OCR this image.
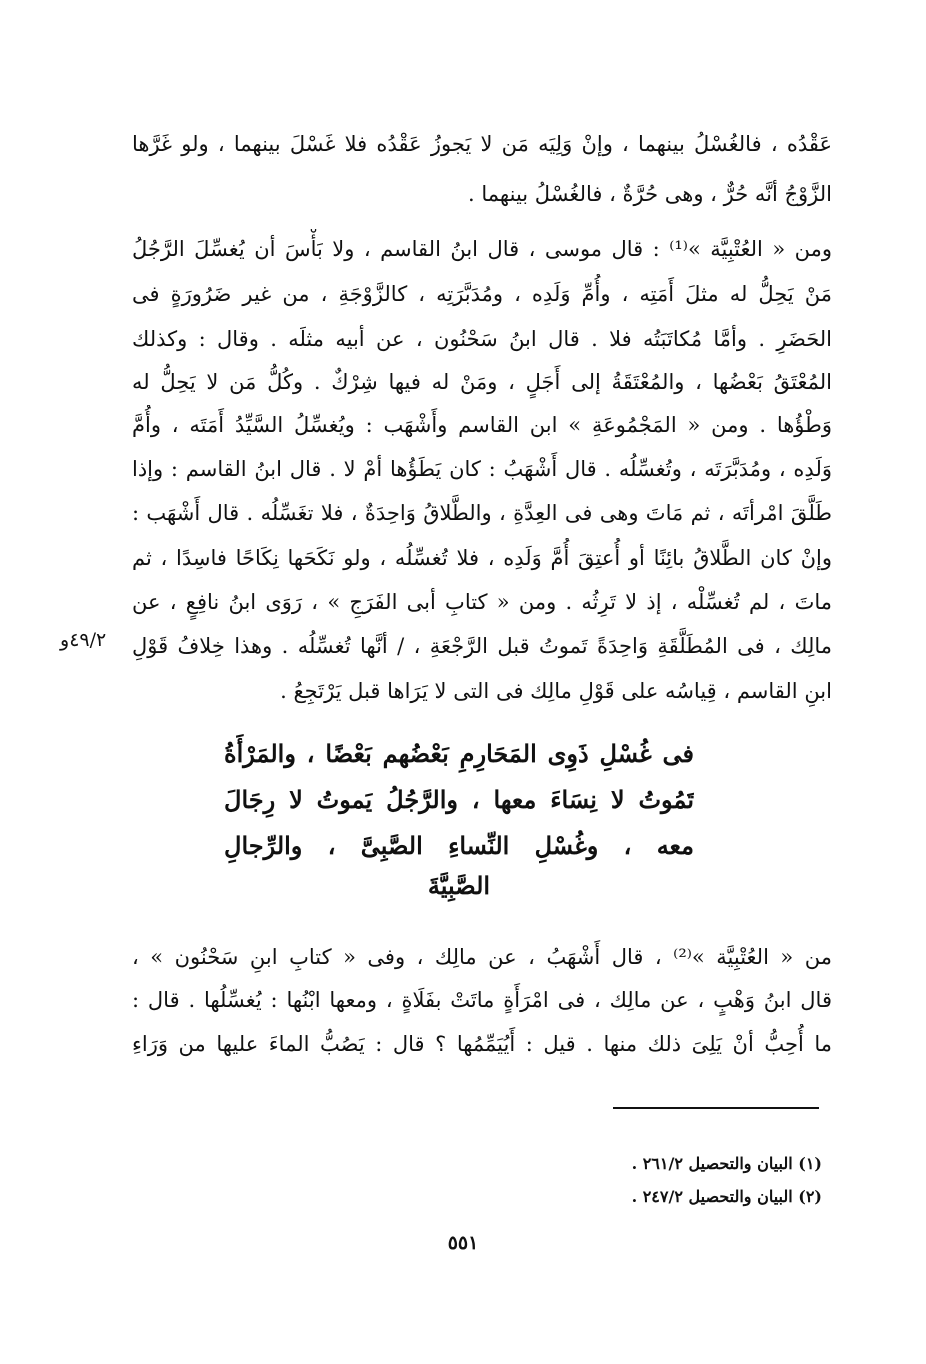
عَقْدُه ، فالغُسْلُ بينهما ، وإنْ وَلِيَه مَن لا يَجوزُ عَقْدُه فلا غَسْلَ بينهما ، ولو غَرَّها
الزَّوْجُ أنَّه حُرٌّ ، وهى حُرَّةٌ ، فالغُسْلُ بينهما .
ومن « العُتْبِيَّة »⁽¹⁾ : قال موسى ، قال ابنُ القاسم ، ولا بَأْسَ أن يُغسِّلَ الرَّجُلُ
مَنْ يَحِلُّ له مثلَ أَمَتِه ، وأُمِّ وَلَدِه ، ومُدَبَّرَتِه ، كالزَّوْجَةِ ، من غير ضَرُورَةٍ فى
الحَضَرِ . وأمَّا مُكاتَبَتُه فلا . قال ابنُ سَحْنُون ، عن أبيه مثلَه . وقال : وكذلك
المُعْتَقُ بَعْضُها ، والمُعْتَقَةُ إلى أَجَلٍ ، ومَنْ له فيها شِرْكٌ . وكُلُّ مَن لا يَحِلُّ له
وَطْؤُها . ومن « المَجْمُوعَةِ » ابن القاسم وأَشْهَب : ويُغسِّلُ السَّيِّدُ أَمَتَه ، وأُمَّ
وَلَدِه ، ومُدَبَّرَتَه ، وتُغسِّلُه . قال أَشْهَبُ : كان يَطَؤُها أمْ لا . قال ابنُ القاسم : وإذا
طَلَّقَ امْرأتَه ، ثم مَاتَ وهى فى العِدَّةِ ، والطَّلاقُ وَاحِدَةٌ ، فلا تغَسِّلُه . قال أَشْهَب :
وإنْ كان الطَّلاقُ بائِنًا أو أُعتِقَ أُمَّ وَلَدِه ، فلا تُغسِّلُه ، ولو نَكَحَها نِكَاحًا فاسِدًا ، ثم
ماتَ ، لم تُغسِّلْه ، إذ لا تَرِثُه . ومن « كتابِ أبى الفَرَجِ » ، رَوَى ابنُ نافِعٍ ، عن
مالِك ، فى المُطَلَّقَةِ وَاحِدَةً تَموتُ قبل الرَّجْعَةِ ، / أنَّها تُغسِّلُه . وهذا خِلافُ قَوْلِ
ابنِ القاسم ، قِياسُه على قَوْلِ مالِك فى التى لا يَرَاها قبل يَرْتَجِعُ .
٤٩/٢و
فى غُسْلِ ذَوِى المَحَارِمِ بَعْضُهم بَعْضًا ، والمَرْأَةُ
تَمُوتُ لا نِسَاءَ معها ، والرَّجُلُ يَموتُ لا رِجَالَ
معه ، وغُسْلِ النِّساءِ الصَّبِىَّ ، والرِّجالِ
الصَّبِيَّةَ
من « العُتْبِيَّة »⁽²⁾ ، قال أَشْهَبُ ، عن مالِك ، وفى « كتابِ ابنِ سَحْنُون » ،
قال ابنُ وَهْبٍ ، عن مالِك ، فى امْرَأَةٍ ماتَتْ بفَلَاةٍ ، ومعها ابْنُها : يُغسِّلُها . قال :
ما أُحِبُّ أنْ يَلِىَ ذلك منها . قيل : أَيُيَمِّمُها ؟ قال : يَصُبُّ الماءَ عليها من وَرَاءِ
(١) البيان والتحصيل ٢٦١/٢ .
(٢) البيان والتحصيل ٢٤٧/٢ .
٥٥١
